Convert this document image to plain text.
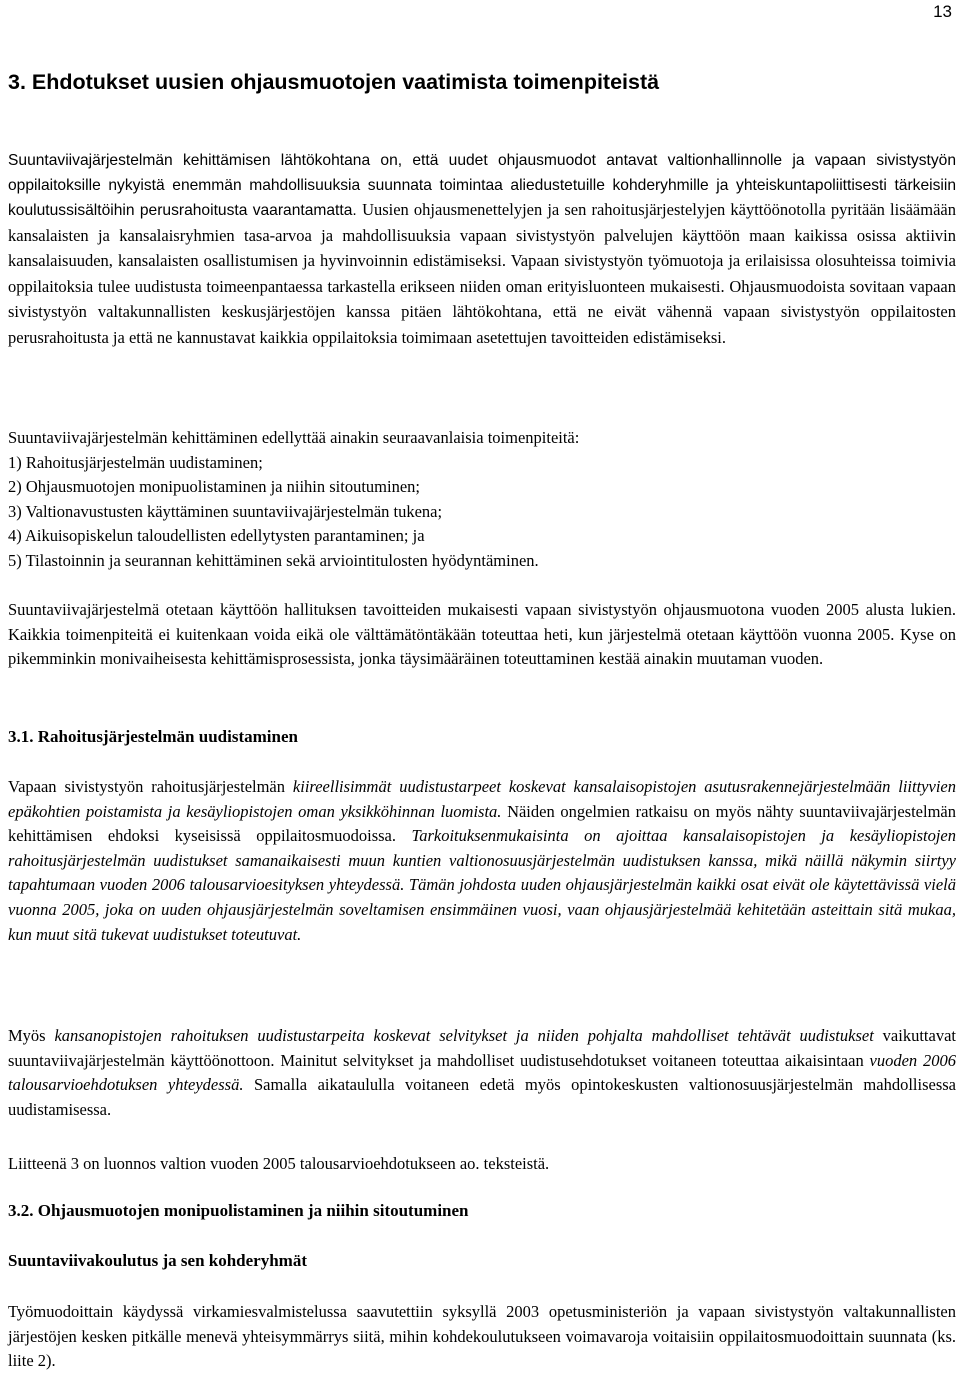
13
3. Ehdotukset uusien ohjausmuotojen vaatimista toimenpiteistä

Suuntaviivajärjestelmän kehittämisen lähtökohtana on, että uudet ohjausmuodot antavat valtionhallinnolle ja vapaan sivistystyön oppilaitoksille nykyistä enemmän mahdollisuuksia suunnata toimintaa aliedustetuille kohderyhmille ja yhteiskuntapoliittisesti tärkeisiin koulutussisältöihin perusrahoitusta vaarantamatta. Uusien ohjausmenettelyjen ja sen rahoitusjärjestelyjen käyttöönotolla pyritään lisäämään kansalaisten ja kansalaisryhmien tasa-arvoa ja mahdollisuuksia vapaan sivistystyön palvelujen käyttöön maan kaikissa osissa aktiivin kansalaisuuden, kansalaisten osallistumisen ja hyvinvoinnin edistämiseksi. Vapaan sivistystyön työmuotoja ja erilaisissa olosuhteissa toimivia oppilaitoksia tulee uudistusta toimeenpantaessa tarkastella erikseen niiden oman erityisluonteen mukaisesti. Ohjausmuodoista sovitaan vapaan sivistystyön valtakunnallisten keskusjärjestöjen kanssa pitäen lähtökohtana, että ne eivät vähennä vapaan sivistystyön oppilaitosten perusrahoitusta ja että ne kannustavat kaikkia oppilaitoksia toimimaan asetettujen tavoitteiden edistämiseksi.

Suuntaviivajärjestelmän kehittäminen edellyttää ainakin seuraavanlaisia toimenpiteitä:
1) Rahoitusjärjestelmän uudistaminen;
2) Ohjausmuotojen monipuolistaminen ja niihin sitoutuminen;
3) Valtionavustusten käyttäminen suuntaviivajärjestelmän tukena;
4) Aikuisopiskelun taloudellisten edellytysten parantaminen; ja
5) Tilastoinnin ja seurannan kehittäminen sekä arviointitulosten hyödyntäminen.

Suuntaviivajärjestelmä otetaan käyttöön hallituksen tavoitteiden mukaisesti vapaan sivistystyön ohjausmuotona vuoden 2005 alusta lukien. Kaikkia toimenpiteitä ei kuitenkaan voida eikä ole välttämätöntäkään toteuttaa heti, kun järjestelmä otetaan käyttöön vuonna 2005. Kyse on pikemminkin monivaiheisesta kehittämisprosessista, jonka täysimääräinen toteuttaminen kestää ainakin muutaman vuoden.

3.1. Rahoitusjärjestelmän uudistaminen

Vapaan sivistystyön rahoitusjärjestelmän kiireellisimmät uudistustarpeet koskevat kansalaisopistojen asutusrakennejärjestelmään liittyvien epäkohtien poistamista ja kesäyliopistojen oman yksikköhinnan luomista. Näiden ongelmien ratkaisu on myös nähty suuntaviivajärjestelmän kehittämisen ehdoksi kyseisissä oppilaitosmuodoissa. Tarkoituksenmukaisinta on ajoittaa kansalaisopistojen ja kesäyliopistojen rahoitusjärjestelmän uudistukset samanaikaisesti muun kuntien valtionosuusjärjestelmän uudistuksen kanssa, mikä näillä näkymin siirtyy tapahtumaan vuoden 2006 talousarvioesityksen yhteydessä. Tämän johdosta uuden ohjausjärjestelmän kaikki osat eivät ole käytettävissä vielä vuonna 2005, joka on uuden ohjausjärjestelmän soveltamisen ensimmäinen vuosi, vaan ohjausjärjestelmää kehitetään asteittain sitä mukaa, kun muut sitä tukevat uudistukset toteutuvat.

Myös kansanopistojen rahoituksen uudistustarpeita koskevat selvitykset ja niiden pohjalta mahdolliset tehtävät uudistukset vaikuttavat suuntaviivajärjestelmän käyttöönottoon. Mainitut selvitykset ja mahdolliset uudistusehdotukset voitaneen toteuttaa aikaisintaan vuoden 2006 talousarvioehdotuksen yhteydessä. Samalla aikataululla voitaneen edetä myös opintokeskusten valtionosuusjärjestelmän mahdollisessa uudistamisessa.

Liitteenä 3 on luonnos valtion vuoden 2005 talousarvioehdotukseen ao. teksteistä.

3.2. Ohjausmuotojen monipuolistaminen ja niihin sitoutuminen
Suuntaviivakoulutus ja sen kohderyhmät

Työmuodoittain käydyssä virkamiesvalmistelussa saavutettiin syksyllä 2003 opetusministeriön ja vapaan sivistystyön valtakunnallisten järjestöjen kesken pitkälle menevä yhteisymmärrys siitä, mihin kohdekoulutukseen voimavaroja voitaisiin oppilaitosmuodoittain suunnata (ks. liite 2).
